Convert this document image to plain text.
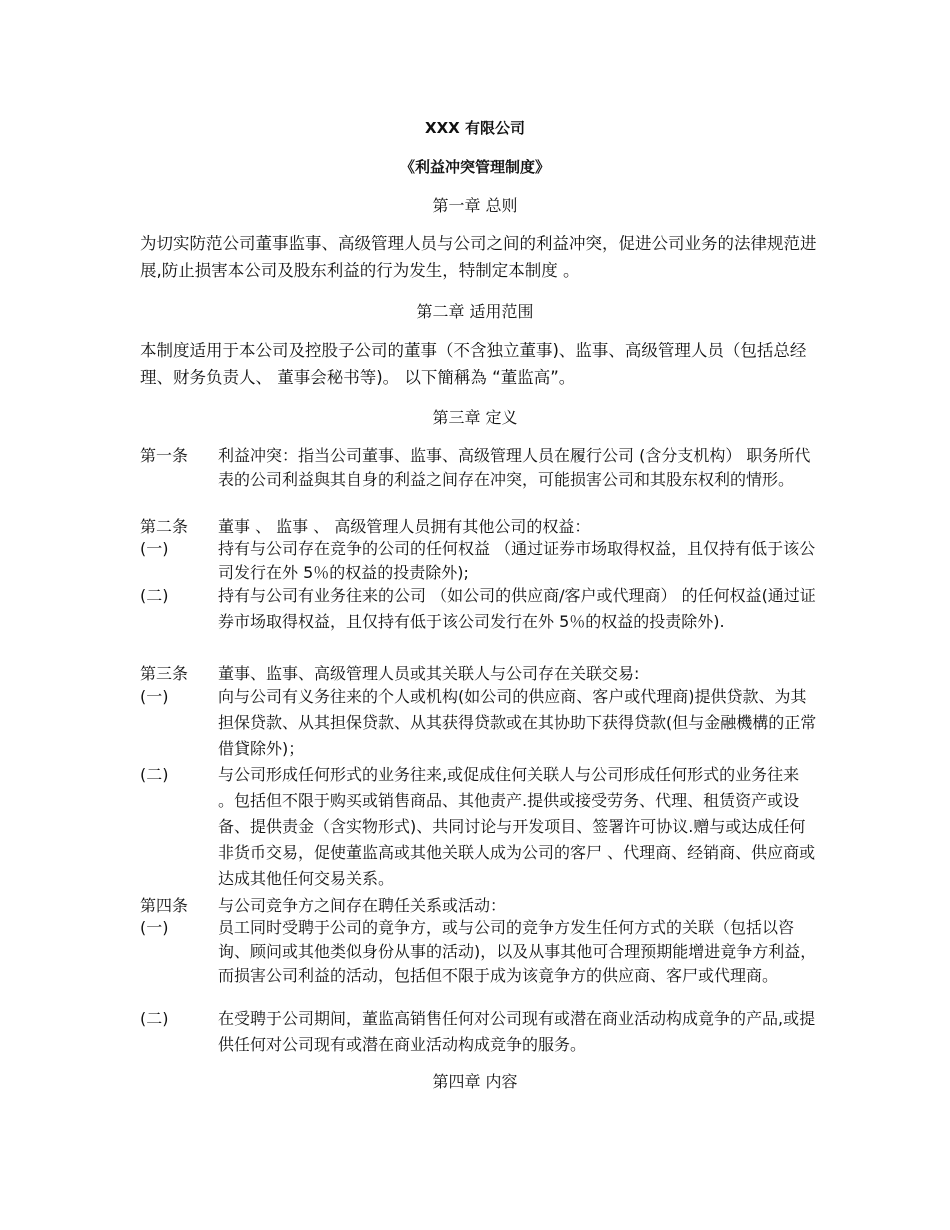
XXX 有限公司
《利益冲突管理制度》
第一章 总则
为切实防范公司董事监事、高级管理人员与公司之间的利益冲突，促进公司业务的法律规范进展,防止损害本公司及股东利益的行为发生，特制定本制度 。
第二章 适用范围
本制度适用于本公司及控股子公司的董事（不含独立董事)、监事、高级管理人员（包括总经理、财务负责人、 董事会秘书等)。 以下簡稱為 “董监高”。
第三章 定义
第一条	利益冲突：指当公司董事、监事、高级管理人员在履行公司 (含分支机构） 职务所代表的公司利益與其自身的利益之间存在冲突，可能损害公司和其股东权利的情形。
第二条	董事 、 监事 、 高级管理人员拥有其他公司的权益：
(一)	持有与公司存在竞争的公司的任何权益 （通过证券市场取得权益，且仅持有低于该公司发行在外 5％的权益的投责除外);
(二)	持有与公司有业务往来的公司 （如公司的供应商/客户或代理商） 的任何权益(通过证券市场取得权益，且仅持有低于该公司发行在外 5％的权益的投责除外).
第三条	董事、监事、高级管理人员或其关联人与公司存在关联交易:
(一)	向与公司有义务往来的个人或机构(如公司的供应商、客户或代理商)提供贷款、为其担保贷款、从其担保贷款、从其获得贷款或在其协助下获得贷款(但与金融機構的正常借貸除外)；
(二)	与公司形成任何形式的业务往来,或促成住何关联人与公司形成任何形式的业务往来 。包括但不限于购买或销售商品、其他责产.提供或接受劳务、代理、租赁资产或设备、提供责金（含实物形式)、共同讨论与开发项目、签署许可协议.赠与或达成任何非货币交易，促使董监高或其他关联人成为公司的客尸 、代理商、经销商、供应商或达成其他任何交易关系。
第四条	与公司竞争方之间存在聘任关系或活动：
(一)	员工同时受聘于公司的竟争方，或与公司的竞争方发生任何方式的关联（包括以咨询、顾问或其他类似身份从事的活动)，以及从事其他可合理预期能增进竟争方利益，而损害公司利益的活动，包括但不限于成为该竟争方的供应商、客尸或代理商。
(二)	在受聘于公司期间，董监高销售任何对公司现有或潜在商业活动构成竟争的产品,或提供任何对公司现有或潜在商业活动构成竞争的服务。
第四章 内容
